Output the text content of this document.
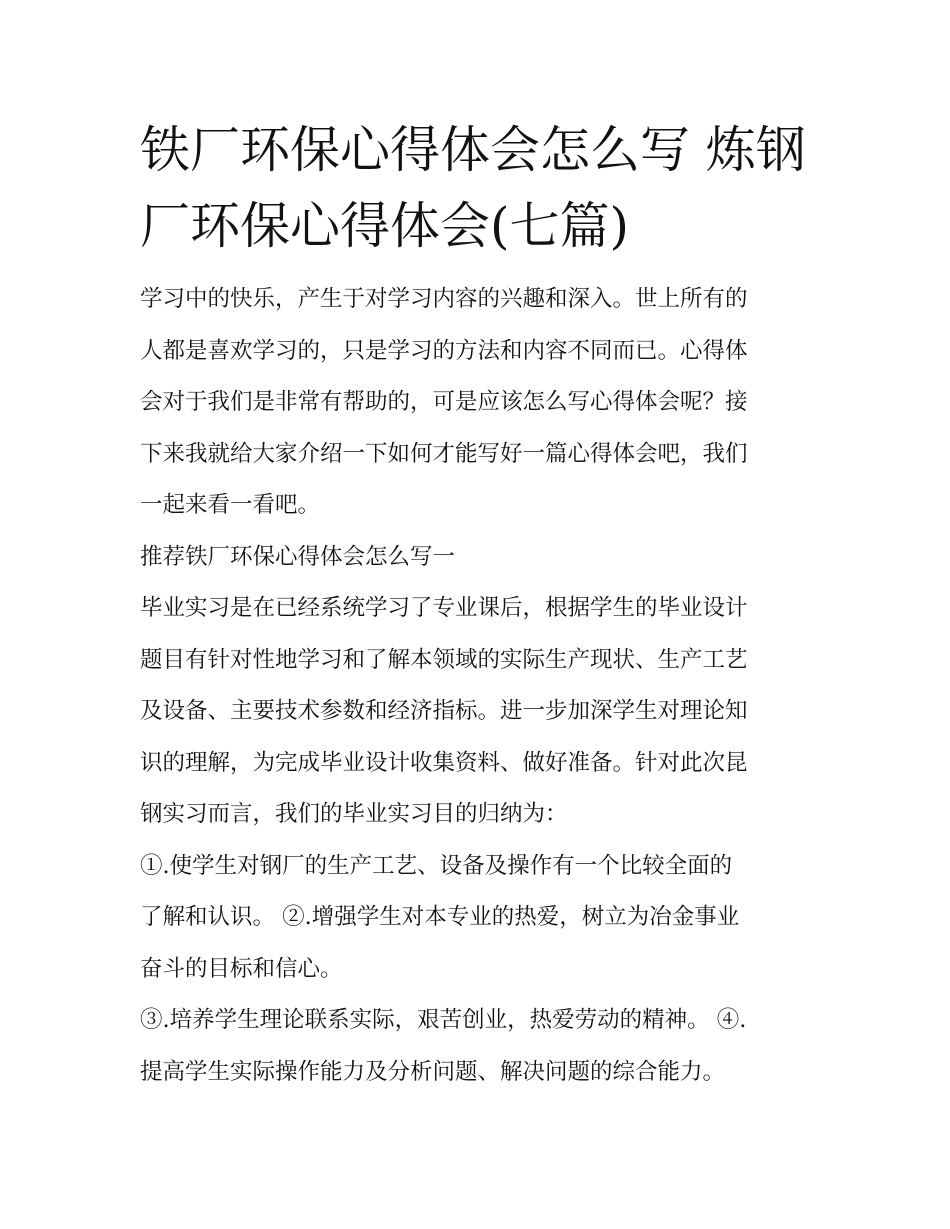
铁厂环保心得体会怎么写 炼钢
厂环保心得体会(七篇)

学习中的快乐，产生于对学习内容的兴趣和深入。世上所有的
人都是喜欢学习的，只是学习的方法和内容不同而已。心得体
会对于我们是非常有帮助的，可是应该怎么写心得体会呢？接
下来我就给大家介绍一下如何才能写好一篇心得体会吧，我们
一起来看一看吧。

推荐铁厂环保心得体会怎么写一

毕业实习是在已经系统学习了专业课后，根据学生的毕业设计
题目有针对性地学习和了解本领域的实际生产现状、生产工艺
及设备、主要技术参数和经济指标。进一步加深学生对理论知
识的理解，为完成毕业设计收集资料、做好准备。针对此次昆
钢实习而言，我们的毕业实习目的归纳为：

①.使学生对钢厂的生产工艺、设备及操作有一个比较全面的
了解和认识。 ②.增强学生对本专业的热爱，树立为冶金事业
奋斗的目标和信心。

③.培养学生理论联系实际，艰苦创业，热爱劳动的精神。 ④.
提高学生实际操作能力及分析问题、解决问题的综合能力。
